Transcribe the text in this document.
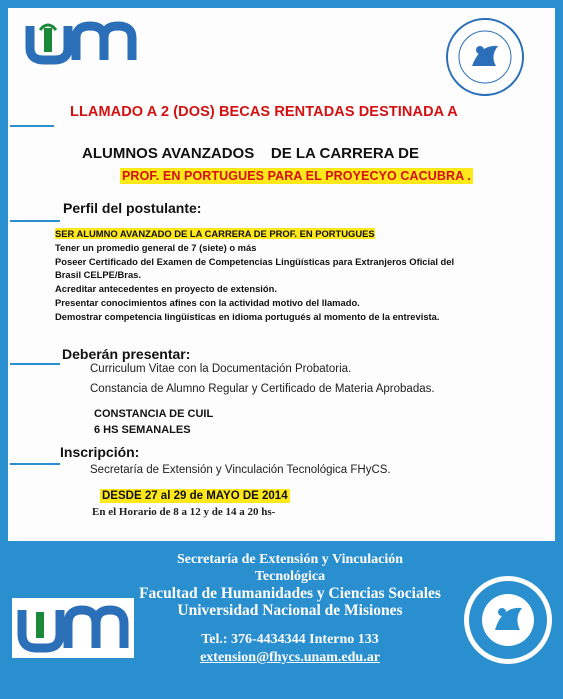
LLAMADO A 2 (DOS) BECAS RENTADAS DESTINADA A
ALUMNOS AVANZADOS    DE LA CARRERA DE
PROF. EN PORTUGUES PARA EL PROYECYO CACUBRA .
Perfil del postulante:
SER ALUMNO AVANZADO DE LA CARRERA DE PROF. EN PORTUGUES
Tener un promedio general de 7 (siete) o más
Poseer Certificado del Examen de Competencias Lingüísticas para Extranjeros Oficial del
Brasil CELPE/Bras.
Acreditar antecedentes en proyecto de extensión.
Presentar conocimientos afines con la actividad motivo del llamado.
Demostrar competencia lingüísticas en idioma portugués al momento de la entrevista.
Deberán presentar:
Curriculum Vitae con la Documentación Probatoria.
Constancia de Alumno Regular y Certificado de Materia Aprobadas.
CONSTANCIA DE CUIL
6 HS SEMANALES
Inscripción:
Secretaría de Extensión y Vinculación Tecnológica FHyCS.
DESDE 27 al 29 de MAYO DE 2014
En el Horario de 8 a 12 y de 14 a 20 hs-
Secretaría de Extensión y Vinculación
Tecnológica
Facultad de Humanidades y Ciencias Sociales
Universidad Nacional de Misiones
Tel.: 376-4434344 Interno 133
extension@fhycs.unam.edu.ar
